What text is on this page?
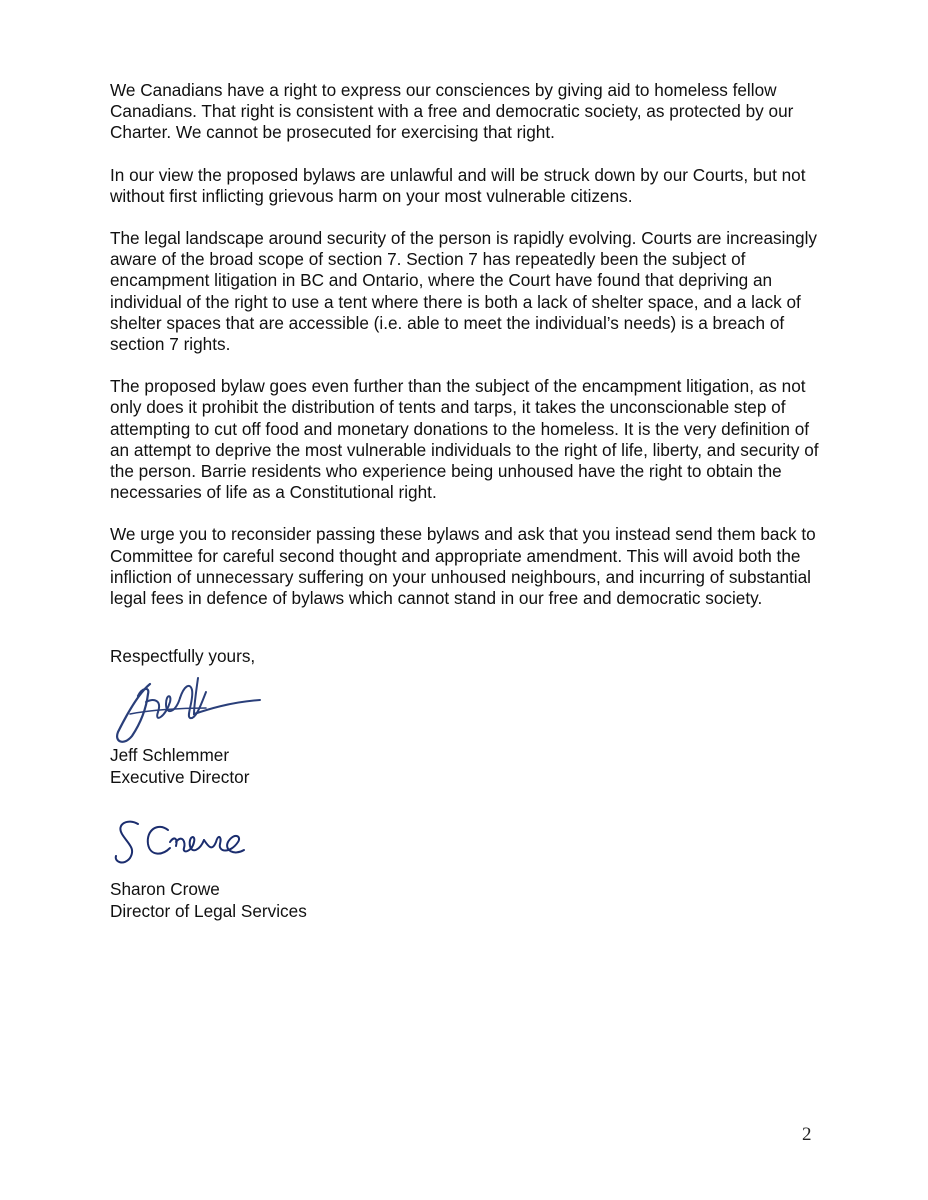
We Canadians have a right to express our consciences by giving aid to homeless fellow Canadians. That right is consistent with a free and democratic society, as protected by our Charter. We cannot be prosecuted for exercising that right.

In our view the proposed bylaws are unlawful and will be struck down by our Courts, but not without first inflicting grievous harm on your most vulnerable citizens.

The legal landscape around security of the person is rapidly evolving. Courts are increasingly aware of the broad scope of section 7. Section 7 has repeatedly been the subject of encampment litigation in BC and Ontario, where the Court have found that depriving an individual of the right to use a tent where there is both a lack of shelter space, and a lack of shelter spaces that are accessible (i.e. able to meet the individual’s needs) is a breach of section 7 rights.

The proposed bylaw goes even further than the subject of the encampment litigation, as not only does it prohibit the distribution of tents and tarps, it takes the unconscionable step of attempting to cut off food and monetary donations to the homeless. It is the very definition of an attempt to deprive the most vulnerable individuals to the right of life, liberty, and security of the person. Barrie residents who experience being unhoused have the right to obtain the necessaries of life as a Constitutional right.

We urge you to reconsider passing these bylaws and ask that you instead send them back to Committee for careful second thought and appropriate amendment. This will avoid both the infliction of unnecessary suffering on your unhoused neighbours, and incurring of substantial legal fees in defence of bylaws which cannot stand in our free and democratic society.

Respectfully yours,

Jeff Schlemmer

Executive Director

Sharon Crowe

Director of Legal Services

2
